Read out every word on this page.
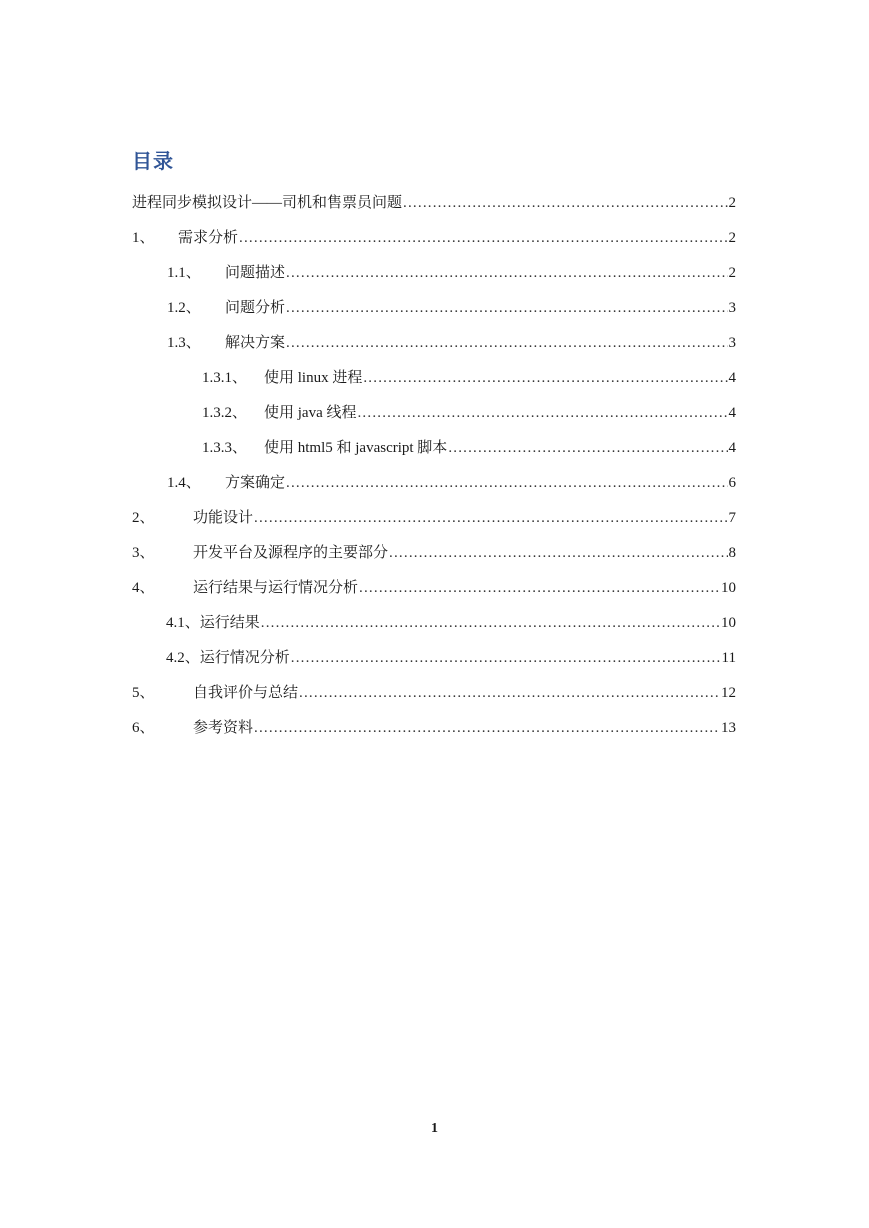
目录
进程同步模拟设计——司机和售票员问题 .....	2
1、	需求分析 .....	2
1.1、	问题描述 .....	2
1.2、	问题分析 .....	3
1.3、	解决方案 .....	3
1.3.1、	使用 linux 进程 .....	4
1.3.2、	使用 java 线程 .....	4
1.3.3、	使用 html5 和 javascript 脚本 .....	4
1.4、	方案确定 .....	6
2、	功能设计 .....	7
3、	开发平台及源程序的主要部分 .....	8
4、	运行结果与运行情况分析 .....	10
4.1、运行结果 .....	10
4.2、运行情况分析 .....	11
5、	自我评价与总结 .....	12
6、	参考资料 .....	13
1
